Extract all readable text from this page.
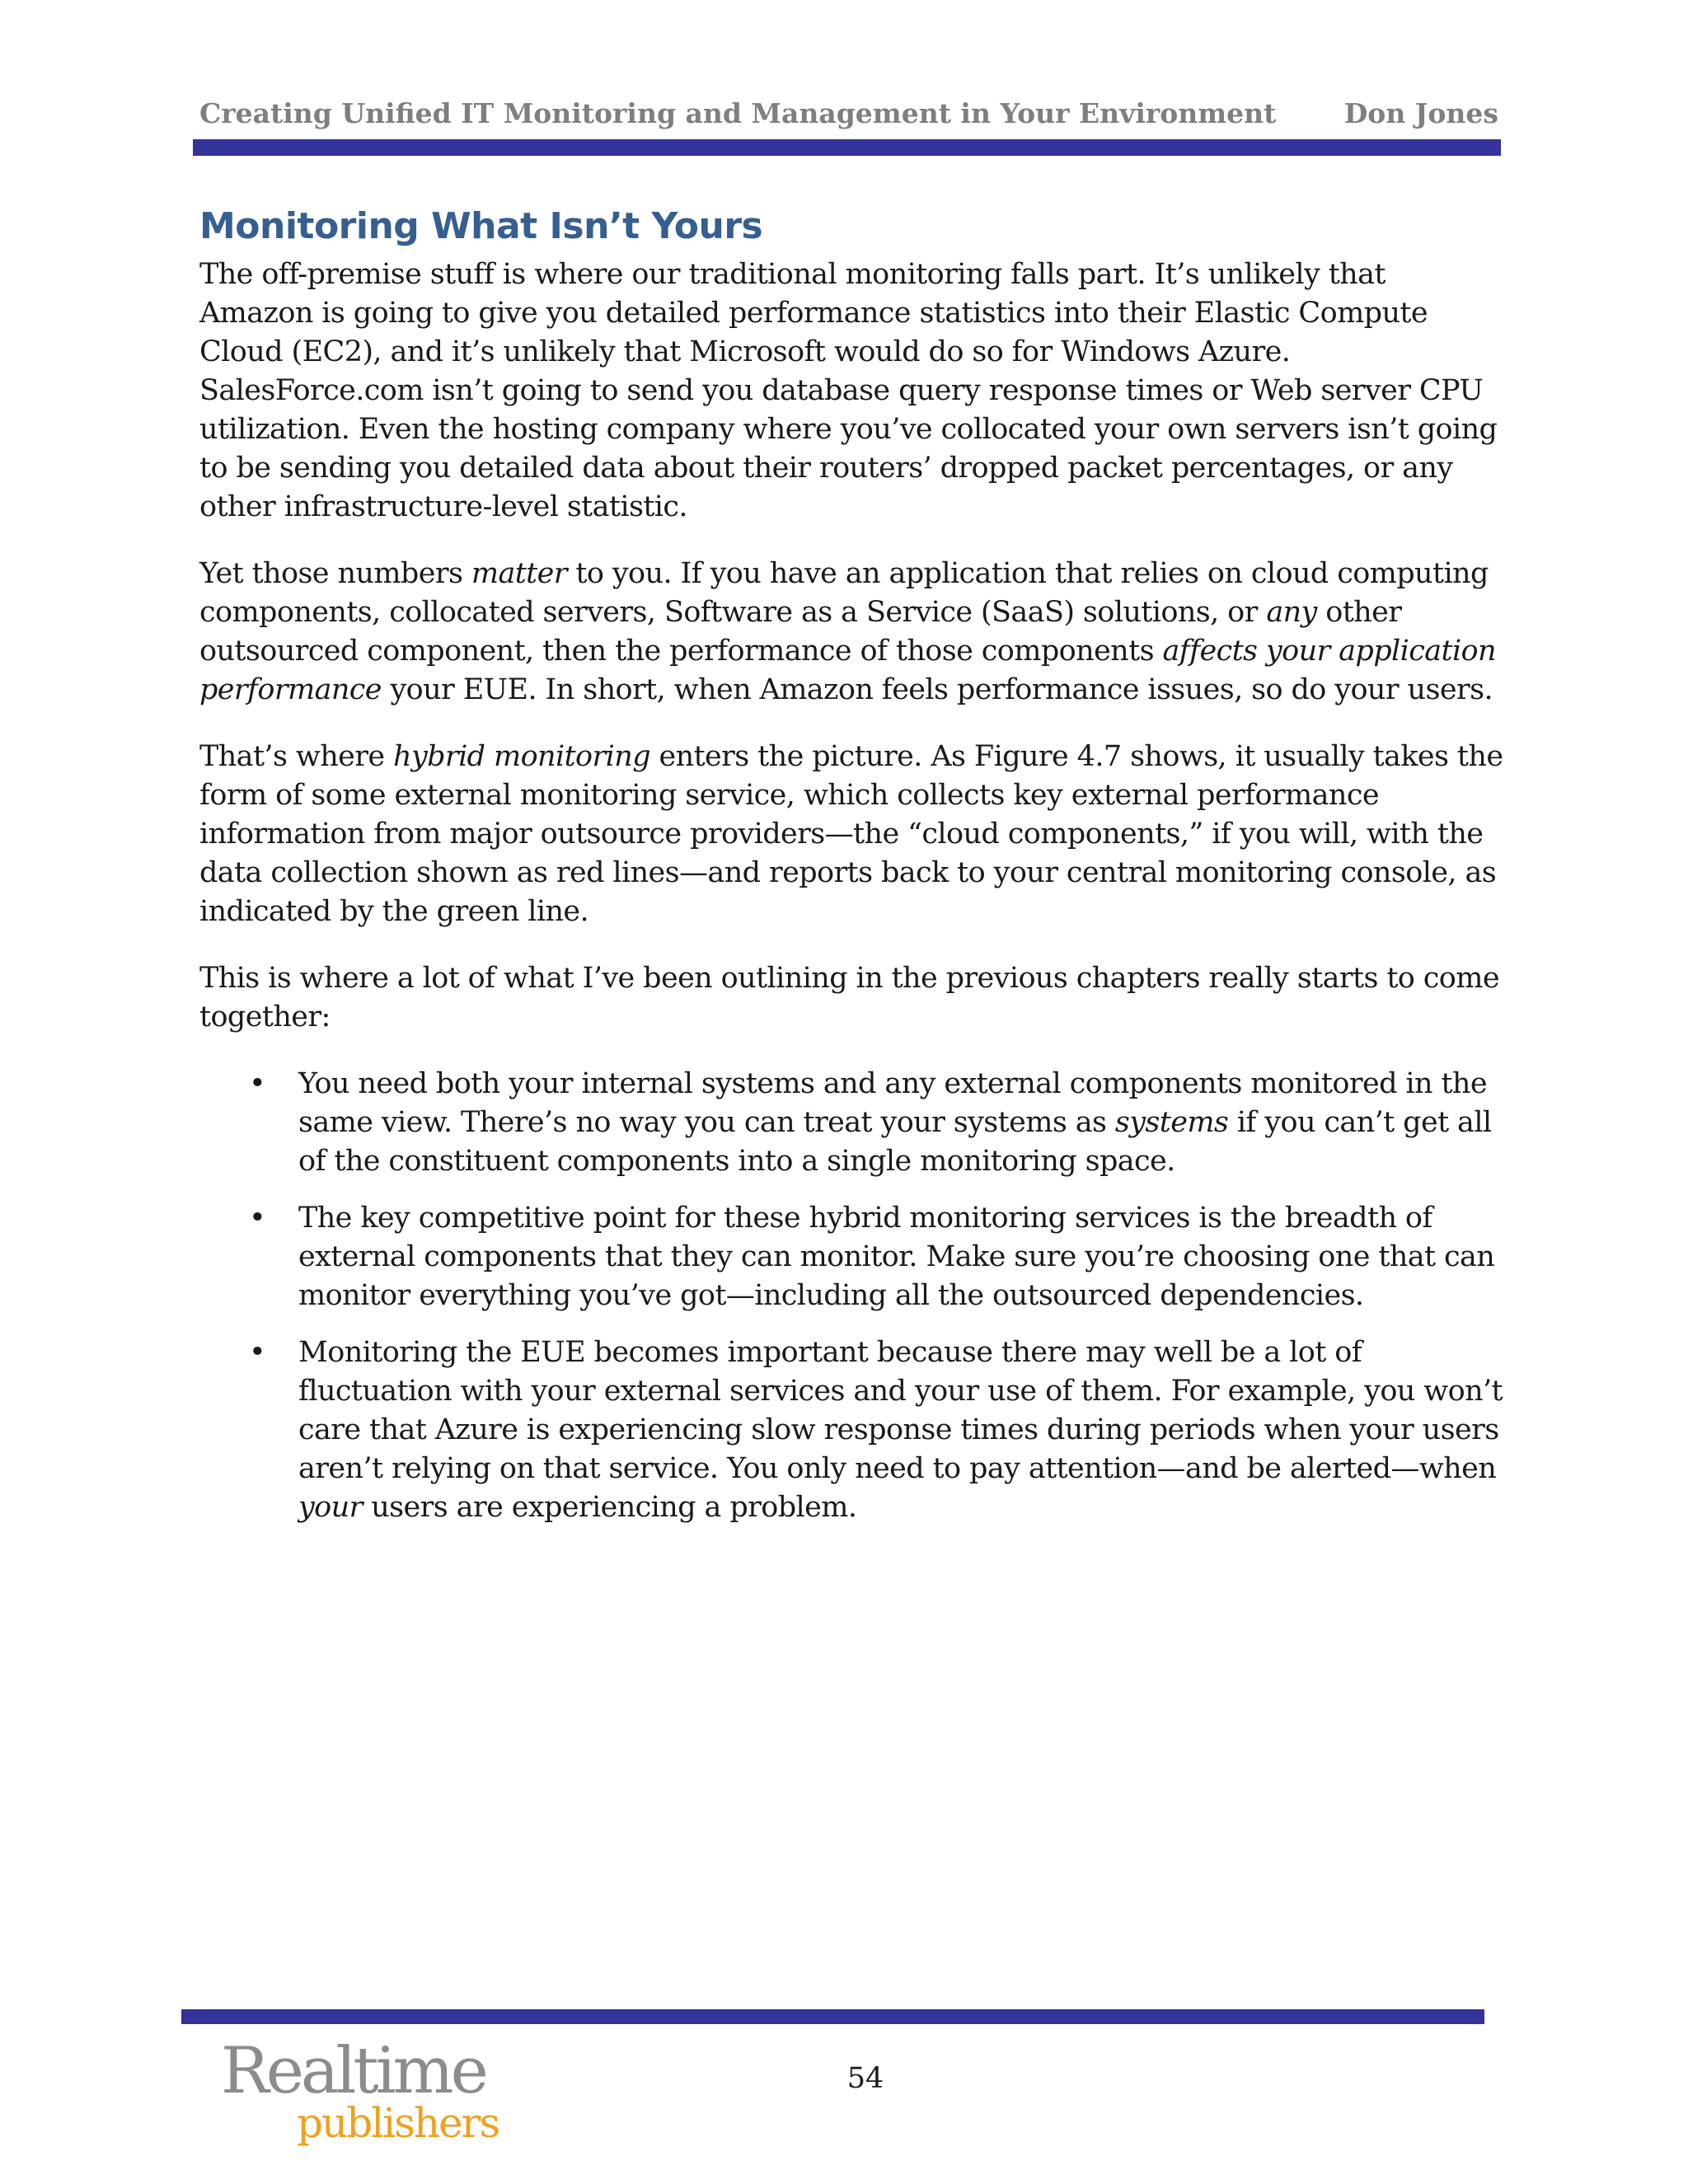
Creating Unified IT Monitoring and Management in Your Environment Don Jones
Monitoring What Isn’t Yours

The off-premise stuff is where our traditional monitoring falls part. It’s unlikely that Amazon is going to give you detailed performance statistics into their Elastic Compute Cloud (EC2), and it’s unlikely that Microsoft would do so for Windows Azure. SalesForce.com isn’t going to send you database query response times or Web server CPU utilization. Even the hosting company where you’ve collocated your own servers isn’t going to be sending you detailed data about their routers’ dropped packet percentages, or any other infrastructure-level statistic.

Yet those numbers matter to you. If you have an application that relies on cloud computing components, collocated servers, Software as a Service (SaaS) solutions, or any other outsourced component, then the performance of those components affects your application performance your EUE. In short, when Amazon feels performance issues, so do your users.

That’s where hybrid monitoring enters the picture. As Figure 4.7 shows, it usually takes the form of some external monitoring service, which collects key external performance information from major outsource providers—the “cloud components,” if you will, with the data collection shown as red lines—and reports back to your central monitoring console, as indicated by the green line.

This is where a lot of what I’ve been outlining in the previous chapters really starts to come together:

• You need both your internal systems and any external components monitored in the same view. There’s no way you can treat your systems as systems if you can’t get all of the constituent components into a single monitoring space.
• The key competitive point for these hybrid monitoring services is the breadth of external components that they can monitor. Make sure you’re choosing one that can monitor everything you’ve got—including all the outsourced dependencies.
• Monitoring the EUE becomes important because there may well be a lot of fluctuation with your external services and your use of them. For example, you won’t care that Azure is experiencing slow response times during periods when your users aren’t relying on that service. You only need to pay attention—and be alerted—when your users are experiencing a problem.
Realtime
publishers
54
